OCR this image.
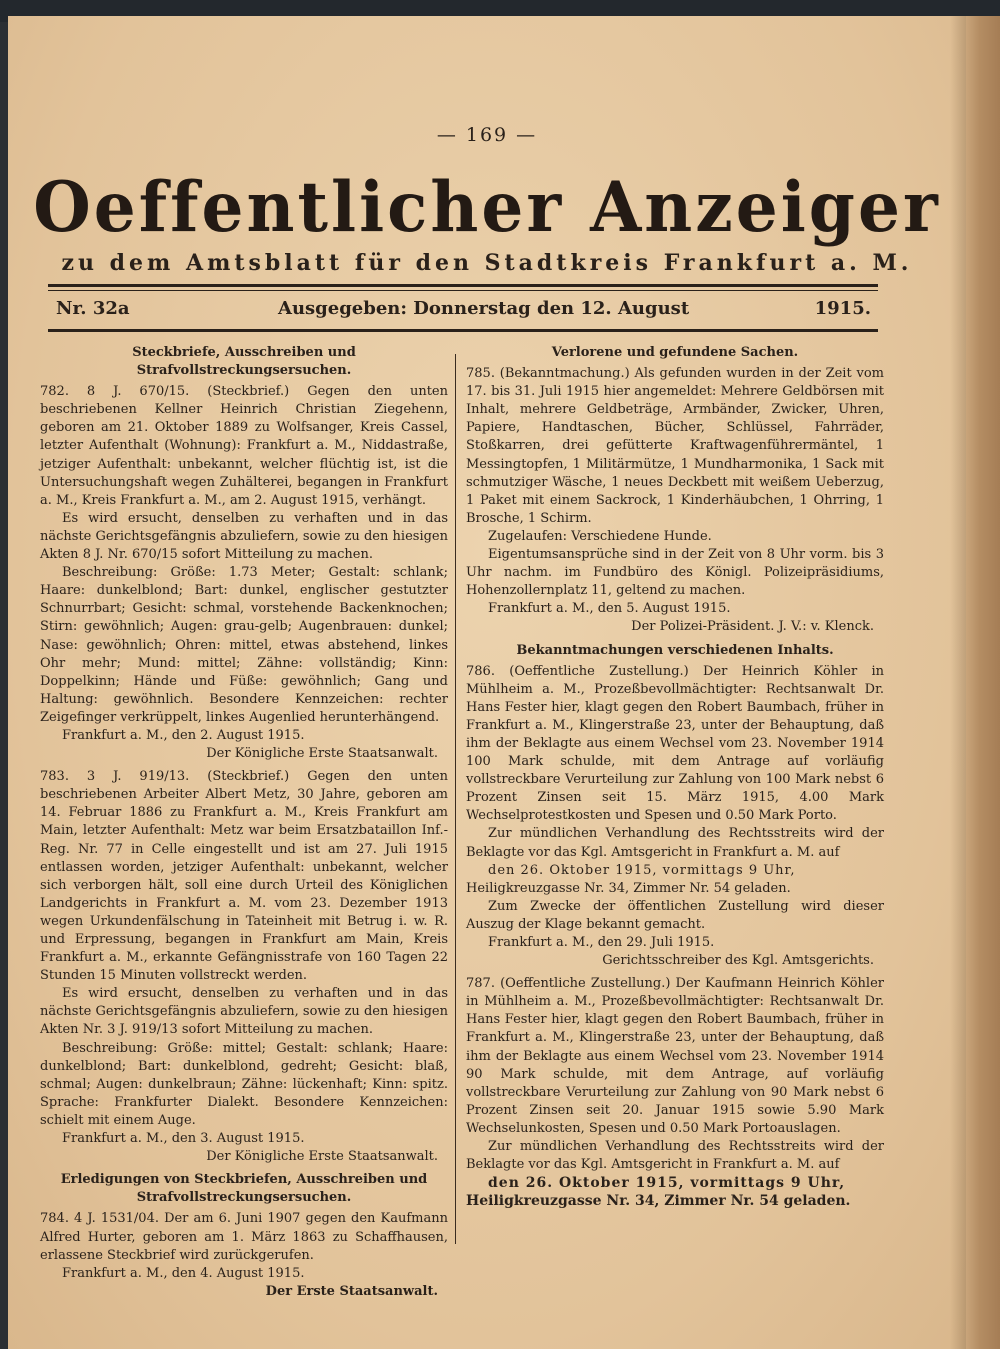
— 169 —
Oeffentlicher Anzeiger
zu dem Amtsblatt für den Stadtkreis Frankfurt a. M.
Nr. 32a	Ausgegeben: Donnerstag den 12. August	1915.
Steckbriefe, Ausschreiben und Strafvollstreckungsersuchen.

782. 8 J. 670/15. (Steckbrief.) Gegen den unten beschriebenen Kellner Heinrich Christian Ziegehenn, geboren am 21. Oktober 1889 zu Wolfsanger, Kreis Cassel, letzter Aufenthalt (Wohnung): Frankfurt a. M., Niddastraße, jetziger Aufenthalt: unbekannt, welcher flüchtig ist, ist die Untersuchungshaft wegen Zuhälterei, begangen in Frankfurt a. M., Kreis Frankfurt a. M., am 2. August 1915, verhängt.

Es wird ersucht, denselben zu verhaften und in das nächste Gerichtsgefängnis abzuliefern, sowie zu den hiesigen Akten 8 J. Nr. 670/15 sofort Mitteilung zu machen.

Beschreibung: Größe: 1.73 Meter; Gestalt: schlank; Haare: dunkelblond; Bart: dunkel, englischer gestutzter Schnurrbart; Gesicht: schmal, vorstehende Backenknochen; Stirn: gewöhnlich; Augen: grau-gelb; Augenbrauen: dunkel; Nase: gewöhnlich; Ohren: mittel, etwas abstehend, linkes Ohr mehr; Mund: mittel; Zähne: vollständig; Kinn: Doppelkinn; Hände und Füße: gewöhnlich; Gang und Haltung: gewöhnlich. Besondere Kennzeichen: rechter Zeigefinger verkrüppelt, linkes Augenlied herunterhängend.

Frankfurt a. M., den 2. August 1915.

Der Königliche Erste Staatsanwalt.

783. 3 J. 919/13. (Steckbrief.) Gegen den unten beschriebenen Arbeiter Albert Metz, 30 Jahre, geboren am 14. Februar 1886 zu Frankfurt a. M., Kreis Frankfurt am Main, letzter Aufenthalt: Metz war beim Ersatzbataillon Inf.-Reg. Nr. 77 in Celle eingestellt und ist am 27. Juli 1915 entlassen worden, jetziger Aufenthalt: unbekannt, welcher sich verborgen hält, soll eine durch Urteil des Königlichen Landgerichts in Frankfurt a. M. vom 23. Dezember 1913 wegen Urkundenfälschung in Tateinheit mit Betrug i. w. R. und Erpressung, begangen in Frankfurt am Main, Kreis Frankfurt a. M., erkannte Gefängnisstrafe von 160 Tagen 22 Stunden 15 Minuten vollstreckt werden.

Es wird ersucht, denselben zu verhaften und in das nächste Gerichtsgefängnis abzuliefern, sowie zu den hiesigen Akten Nr. 3 J. 919/13 sofort Mitteilung zu machen.

Beschreibung: Größe: mittel; Gestalt: schlank; Haare: dunkelblond; Bart: dunkelblond, gedreht; Gesicht: blaß, schmal; Augen: dunkelbraun; Zähne: lückenhaft; Kinn: spitz. Sprache: Frankfurter Dialekt. Besondere Kennzeichen: schielt mit einem Auge.

Frankfurt a. M., den 3. August 1915.

Der Königliche Erste Staatsanwalt.

Erledigungen von Steckbriefen, Ausschreiben und Strafvollstreckungsersuchen.

784. 4 J. 1531/04. Der am 6. Juni 1907 gegen den Kaufmann Alfred Hurter, geboren am 1. März 1863 zu Schaffhausen, erlassene Steckbrief wird zurückgerufen.

Frankfurt a. M., den 4. August 1915.

Der Erste Staatsanwalt.

Verlorene und gefundene Sachen.

785. (Bekanntmachung.) Als gefunden wurden in der Zeit vom 17. bis 31. Juli 1915 hier angemeldet: Mehrere Geldbörsen mit Inhalt, mehrere Geldbeträge, Armbänder, Zwicker, Uhren, Papiere, Handtaschen, Bücher, Schlüssel, Fahrräder, Stoßkarren, drei gefütterte Kraftwagenführermäntel, 1 Messingtopfen, 1 Militärmütze, 1 Mundharmonika, 1 Sack mit schmutziger Wäsche, 1 neues Deckbett mit weißem Ueberzug, 1 Paket mit einem Sackrock, 1 Kinderhäubchen, 1 Ohrring, 1 Brosche, 1 Schirm.

Zugelaufen: Verschiedene Hunde.

Eigentumsansprüche sind in der Zeit von 8 Uhr vorm. bis 3 Uhr nachm. im Fundbüro des Königl. Polizeipräsidiums, Hohenzollernplatz 11, geltend zu machen.

Frankfurt a. M., den 5. August 1915.

Der Polizei-Präsident. J. V.: v. Klenck.

Bekanntmachungen verschiedenen Inhalts.

786. (Oeffentliche Zustellung.) Der Heinrich Köhler in Mühlheim a. M., Prozeßbevollmächtigter: Rechtsanwalt Dr. Hans Fester hier, klagt gegen den Robert Baumbach, früher in Frankfurt a. M., Klingerstraße 23, unter der Behauptung, daß ihm der Beklagte aus einem Wechsel vom 23. November 1914 100 Mark schulde, mit dem Antrage auf vorläufig vollstreckbare Verurteilung zur Zahlung von 100 Mark nebst 6 Prozent Zinsen seit 15. März 1915, 4.00 Mark Wechselprotestkosten und Spesen und 0.50 Mark Porto.

Zur mündlichen Verhandlung des Rechtsstreits wird der Beklagte vor das Kgl. Amtsgericht in Frankfurt a. M. auf

den 26. Oktober 1915, vormittags 9 Uhr,

Heiligkreuzgasse Nr. 34, Zimmer Nr. 54 geladen.

Zum Zwecke der öffentlichen Zustellung wird dieser Auszug der Klage bekannt gemacht.

Frankfurt a. M., den 29. Juli 1915.

Gerichtsschreiber des Kgl. Amtsgerichts.

787. (Oeffentliche Zustellung.) Der Kaufmann Heinrich Köhler in Mühlheim a. M., Prozeßbevollmächtigter: Rechtsanwalt Dr. Hans Fester hier, klagt gegen den Robert Baumbach, früher in Frankfurt a. M., Klingerstraße 23, unter der Behauptung, daß ihm der Beklagte aus einem Wechsel vom 23. November 1914 90 Mark schulde, mit dem Antrage, auf vorläufig vollstreckbare Verurteilung zur Zahlung von 90 Mark nebst 6 Prozent Zinsen seit 20. Januar 1915 sowie 5.90 Mark Wechselunkosten, Spesen und 0.50 Mark Portoauslagen.

Zur mündlichen Verhandlung des Rechtsstreits wird der Beklagte vor das Kgl. Amtsgericht in Frankfurt a. M. auf

den 26. Oktober 1915, vormittags 9 Uhr,

Heiligkreuzgasse Nr. 34, Zimmer Nr. 54 geladen.
